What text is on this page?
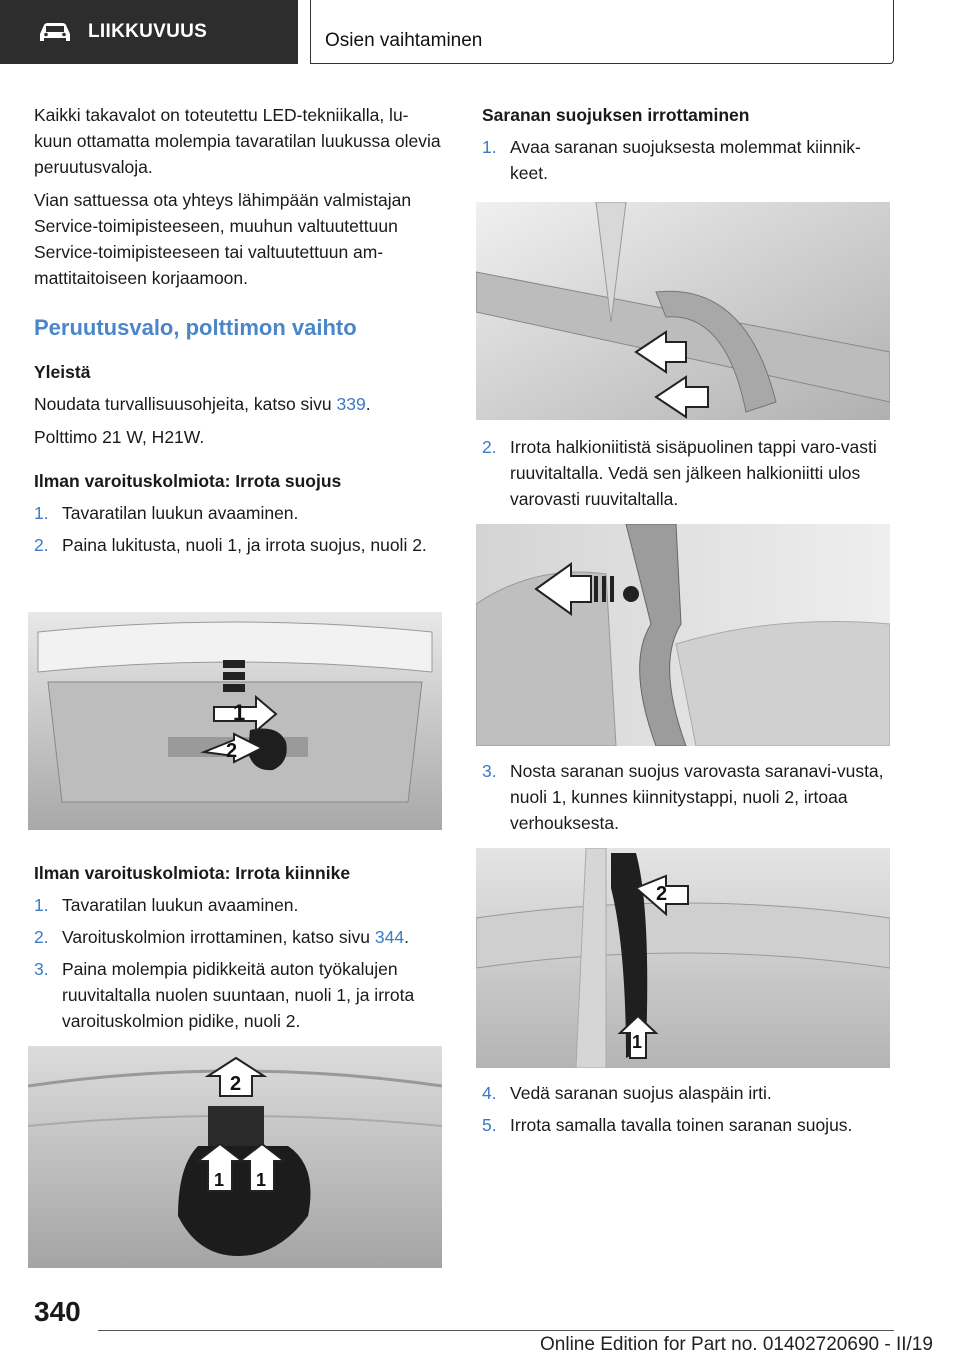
LIIKKUVUUS	Osien vaihtaminen

Kaikki takavalot on toteutettu LED-tekniikalla, lu-kuun ottamatta molempia tavaratilan luukussa olevia peruutusvaloja.

Vian sattuessa ota yhteys lähimpään valmistajan Service-toimipisteeseen, muuhun valtuutettuun Service-toimipisteeseen tai valtuutettuun am-mattitaitoiseen korjaamoon.

Peruutusvalo, polttimon vaihto
Yleistä

Noudata turvallisuusohjeita, katso sivu 339.

Polttimo 21 W, H21W.

Ilman varoituskolmiota: Irrota suojus
1. Tavaratilan luukun avaaminen.
2. Paina lukitusta, nuoli 1, ja irrota suojus, nuoli 2.
1
2
Ilman varoituskolmiota: Irrota kiinnike
1. Tavaratilan luukun avaaminen.
2. Varoituskolmion irrottaminen, katso sivu 344.
3. Paina molempia pidikkeitä auton työkalujen ruuvitaltalla nuolen suuntaan, nuoli 1, ja irrota varoituskolmion pidike, nuoli 2.
2
1 1
Saranan suojuksen irrottaminen
1. Avaa saranan suojuksesta molemmat kiinnik-keet.
2. Irrota halkioniitistä sisäpuolinen tappi varo-vasti ruuvitaltalla. Vedä sen jälkeen halkioniitti ulos varovasti ruuvitaltalla.
3. Nosta saranan suojus varovasta saranavi-vusta, nuoli 1, kunnes kiinnitystappi, nuoli 2, irtoaa verhouksesta.
2
1
4. Vedä saranan suojus alaspäin irti.
5. Irrota samalla tavalla toinen saranan suojus.
340
Online Edition for Part no. 01402720690 - II/19
